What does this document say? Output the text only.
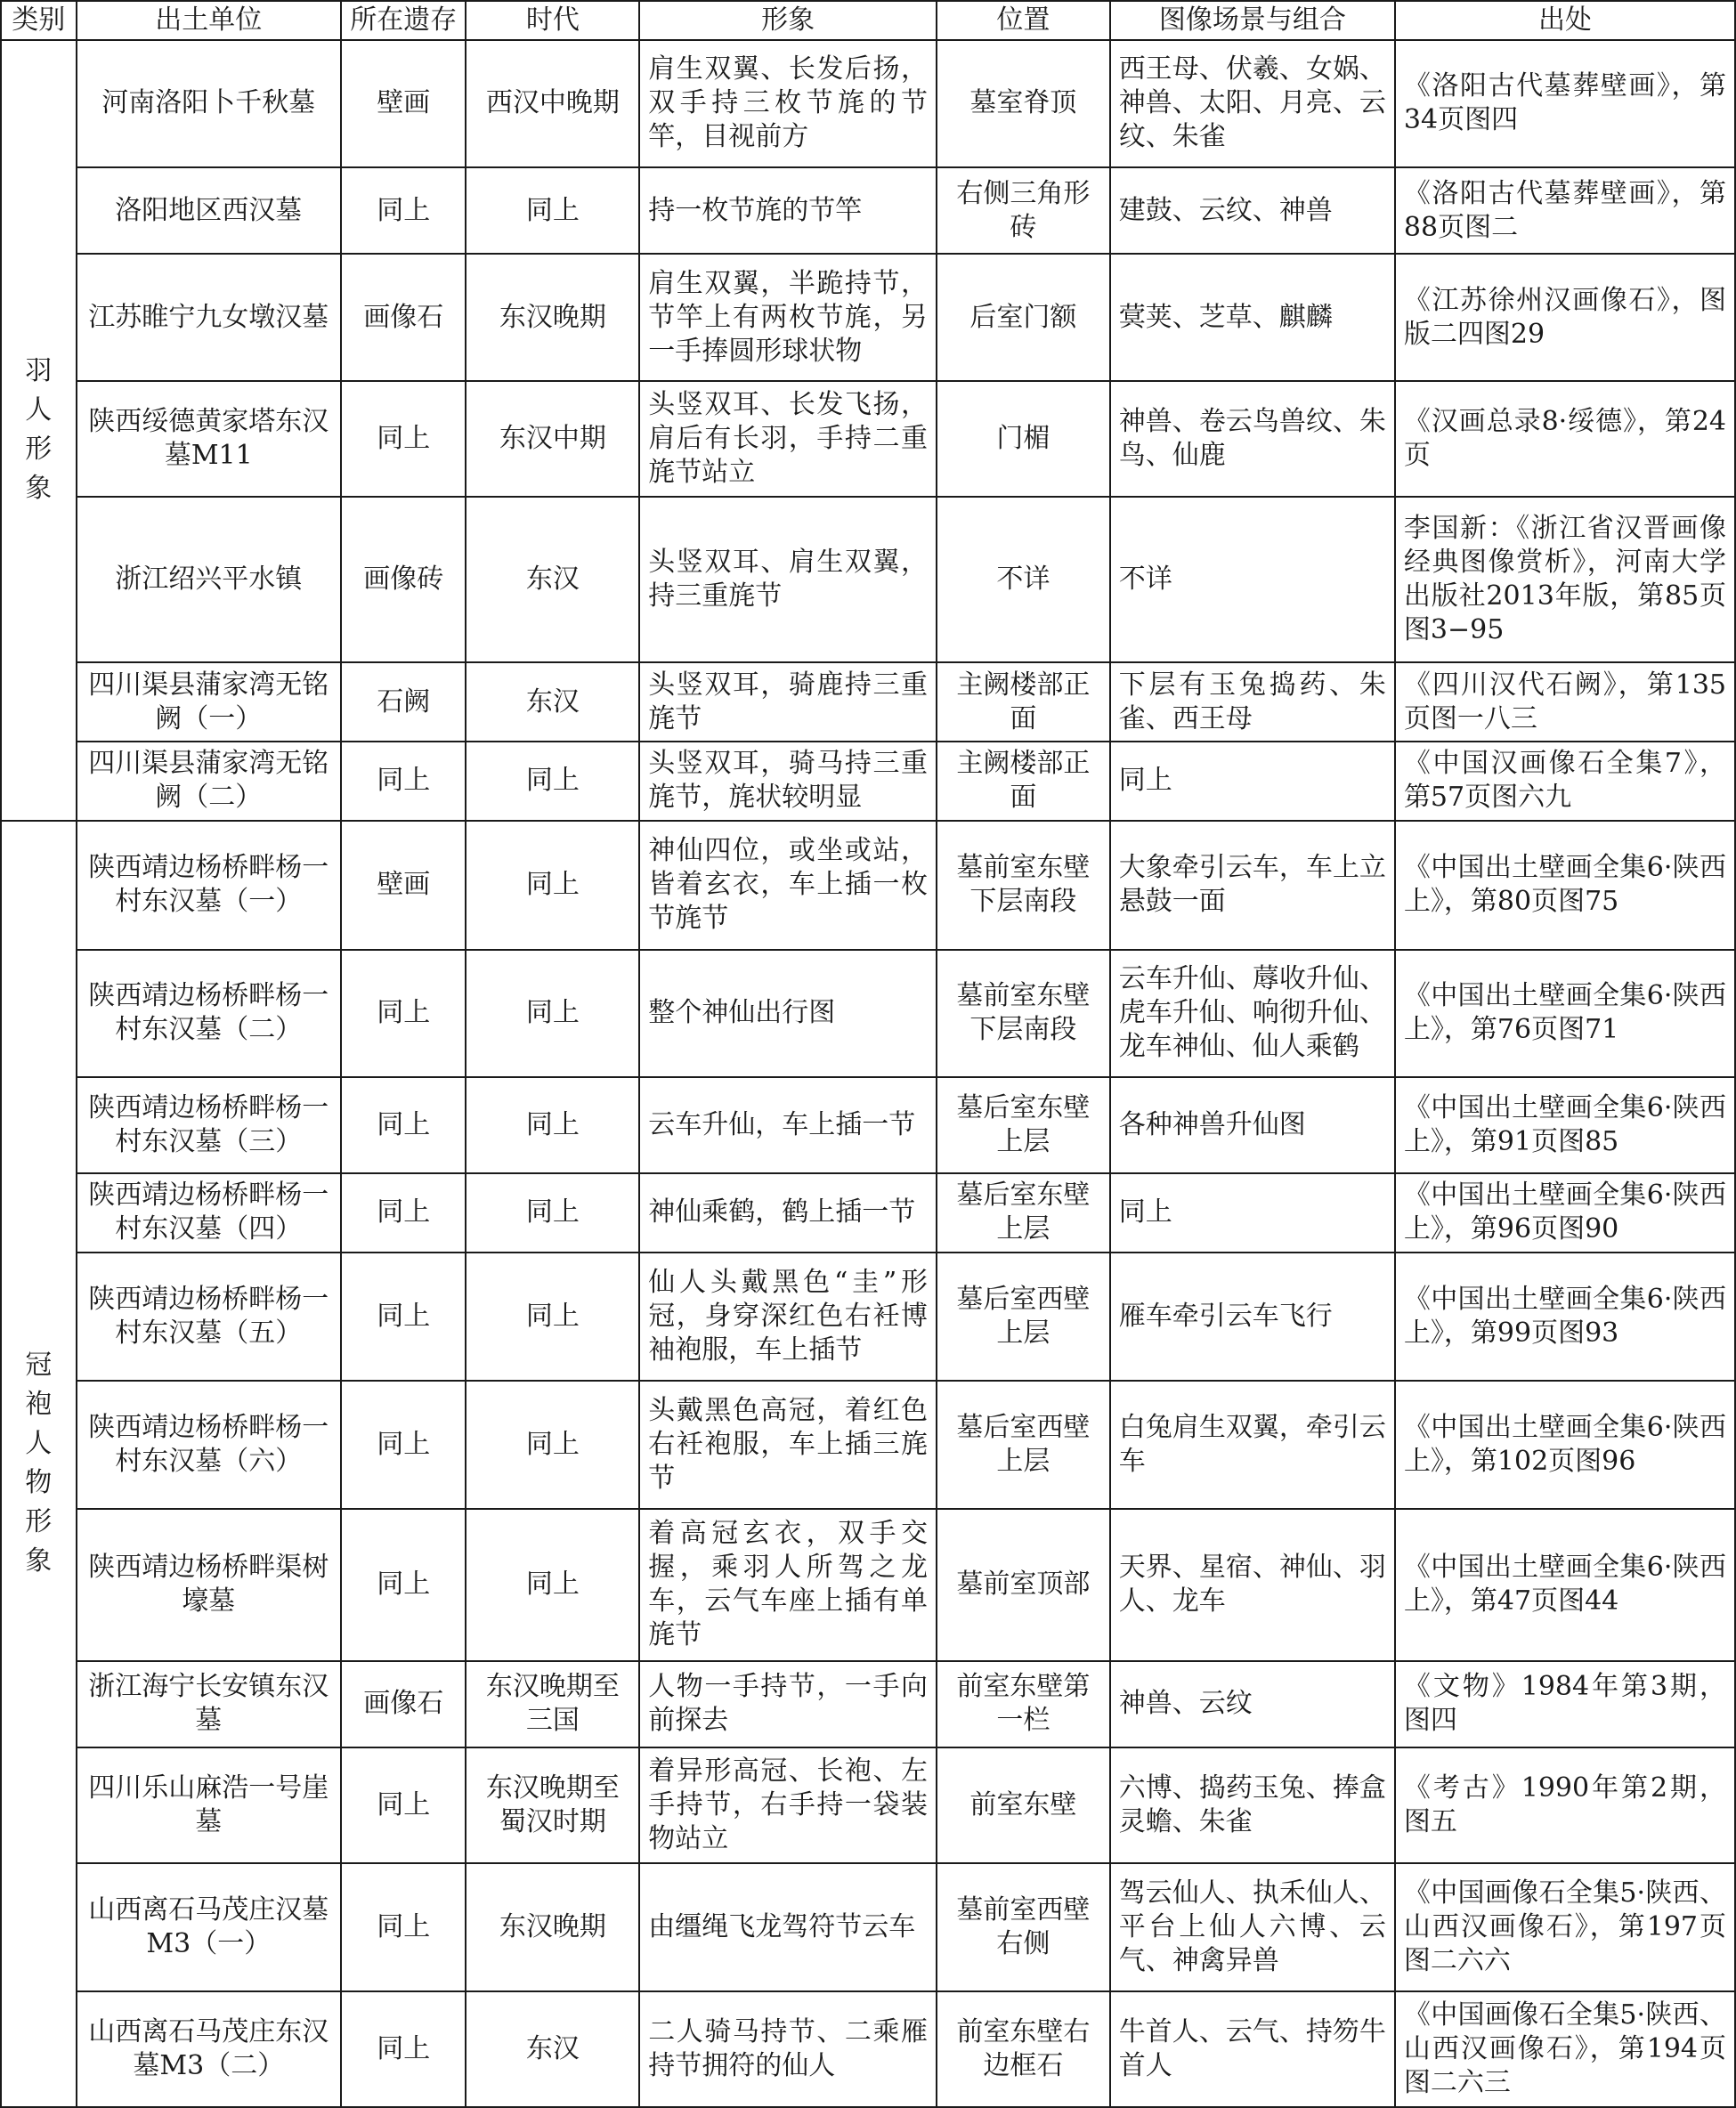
类别	出土单位	所在遗存	时代	形象	位置	图像场景与组合	出处
羽人形象	河南洛阳卜千秋墓	壁画	西汉中晚期	肩生双翼、长发后扬，双手持三枚节旄的节竿，目视前方	墓室脊顶	西王母、伏羲、女娲、神兽、太阳、月亮、云纹、朱雀	《洛阳古代墓葬壁画》，第34页图四
	洛阳地区西汉墓	同上	同上	持一枚节旄的节竿	右侧三角形砖	建鼓、云纹、神兽	《洛阳古代墓葬壁画》，第88页图二
	江苏睢宁九女墩汉墓	画像石	东汉晚期	肩生双翼，半跪持节，节竿上有两枚节旄，另一手捧圆形球状物	后室门额	蓂荚、芝草、麒麟	《江苏徐州汉画像石》，图版二四图29
	陕西绥德黄家塔东汉墓M11	同上	东汉中期	头竖双耳、长发飞扬，肩后有长羽，手持二重旄节站立	门楣	神兽、卷云鸟兽纹、朱鸟、仙鹿	《汉画总录8·绥德》，第24页
	浙江绍兴平水镇	画像砖	东汉	头竖双耳、肩生双翼，持三重旄节	不详	不详	李国新：《浙江省汉晋画像经典图像赏析》，河南大学出版社2013年版，第85页图3−95
	四川渠县蒲家湾无铭阙（一）	石阙	东汉	头竖双耳，骑鹿持三重旄节	主阙楼部正面	下层有玉兔捣药、朱雀、西王母	《四川汉代石阙》，第135页图一八三
	四川渠县蒲家湾无铭阙（二）	同上	同上	头竖双耳，骑马持三重旄节，旄状较明显	主阙楼部正面	同上	《中国汉画像石全集7》，第57页图六九
冠袍人物形象	陕西靖边杨桥畔杨一村东汉墓（一）	壁画	同上	神仙四位，或坐或站，皆着玄衣，车上插一枚节旄节	墓前室东壁下层南段	大象牵引云车，车上立悬鼓一面	《中国出土壁画全集6·陕西上》，第80页图75
	陕西靖边杨桥畔杨一村东汉墓（二）	同上	同上	整个神仙出行图	墓前室东壁下层南段	云车升仙、蓐收升仙、虎车升仙、响彻升仙、龙车神仙、仙人乘鹤	《中国出土壁画全集6·陕西上》，第76页图71
	陕西靖边杨桥畔杨一村东汉墓（三）	同上	同上	云车升仙，车上插一节	墓后室东壁上层	各种神兽升仙图	《中国出土壁画全集6·陕西上》，第91页图85
	陕西靖边杨桥畔杨一村东汉墓（四）	同上	同上	神仙乘鹤，鹤上插一节	墓后室东壁上层	同上	《中国出土壁画全集6·陕西上》，第96页图90
	陕西靖边杨桥畔杨一村东汉墓（五）	同上	同上	仙人头戴黑色“圭”形冠，身穿深红色右衽博袖袍服，车上插节	墓后室西壁上层	雁车牵引云车飞行	《中国出土壁画全集6·陕西上》，第99页图93
	陕西靖边杨桥畔杨一村东汉墓（六）	同上	同上	头戴黑色高冠，着红色右衽袍服，车上插三旄节	墓后室西壁上层	白兔肩生双翼，牵引云车	《中国出土壁画全集6·陕西上》，第102页图96
	陕西靖边杨桥畔渠树壕墓	同上	同上	着高冠玄衣，双手交握，乘羽人所驾之龙车，云气车座上插有单旄节	墓前室顶部	天界、星宿、神仙、羽人、龙车	《中国出土壁画全集6·陕西上》，第47页图44
	浙江海宁长安镇东汉墓	画像石	东汉晚期至三国	人物一手持节，一手向前探去	前室东壁第一栏	神兽、云纹	《文物》1984年第3期，图四
	四川乐山麻浩一号崖墓	同上	东汉晚期至蜀汉时期	着异形高冠、长袍、左手持节，右手持一袋装物站立	前室东壁	六博、捣药玉兔、捧盒灵蟾、朱雀	《考古》1990年第2期，图五
	山西离石马茂庄汉墓M3（一）	同上	东汉晚期	由缰绳飞龙驾符节云车	墓前室西壁右侧	驾云仙人、执禾仙人、平台上仙人六博、云气、神禽异兽	《中国画像石全集5·陕西、山西汉画像石》，第197页图二六六
	山西离石马茂庄东汉墓M3（二）	同上	东汉	二人骑马持节、二乘雁持节拥符的仙人	前室东壁右边框石	牛首人、云气、持笏牛首人	《中国画像石全集5·陕西、山西汉画像石》，第194页图二六三
